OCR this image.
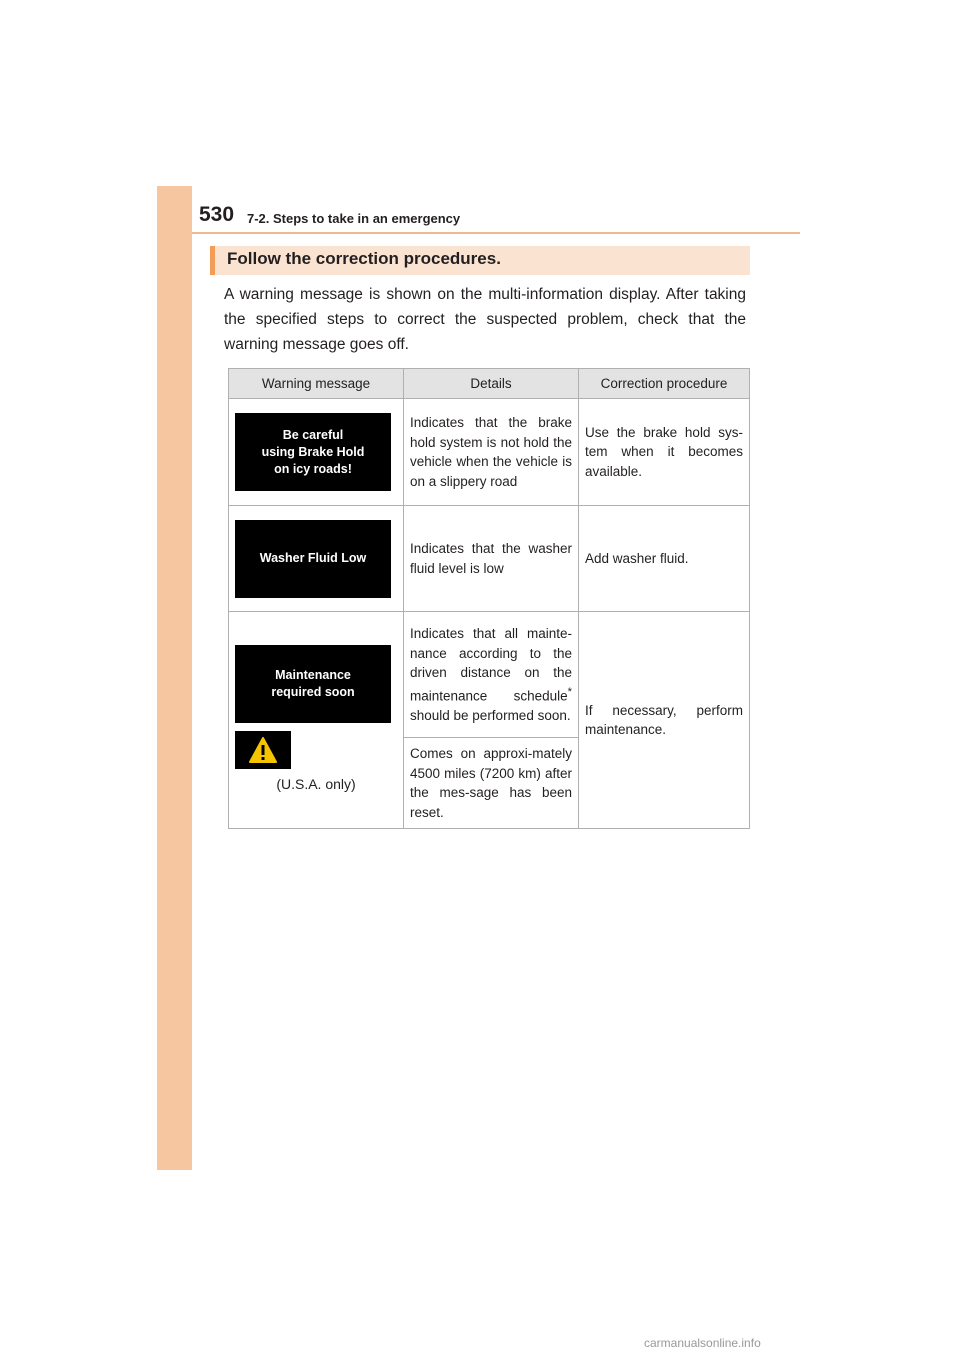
530 7-2. Steps to take in an emergency
Follow the correction procedures.
A warning message is shown on the multi-information display. After taking the specified steps to correct the suspected problem, check that the warning message goes off.
Warning message	Details	Correction procedure

Be careful
using Brake Hold
on icy roads!	Indicates that the brake hold system is not hold the vehicle when the vehicle is on a slippery road	Use the brake hold sys-tem when it becomes available.

Washer Fluid Low	Indicates that the washer fluid level is low	Add washer fluid.

Maintenance
required soon
(U.S.A. only)	Indicates that all mainte-nance according to the driven distance on the maintenance schedule* should be performed soon.	If necessary, perform maintenance.
	Comes on approxi-mately 4500 miles (7200 km) after the mes-sage has been reset.	
carmanualsonline.info
